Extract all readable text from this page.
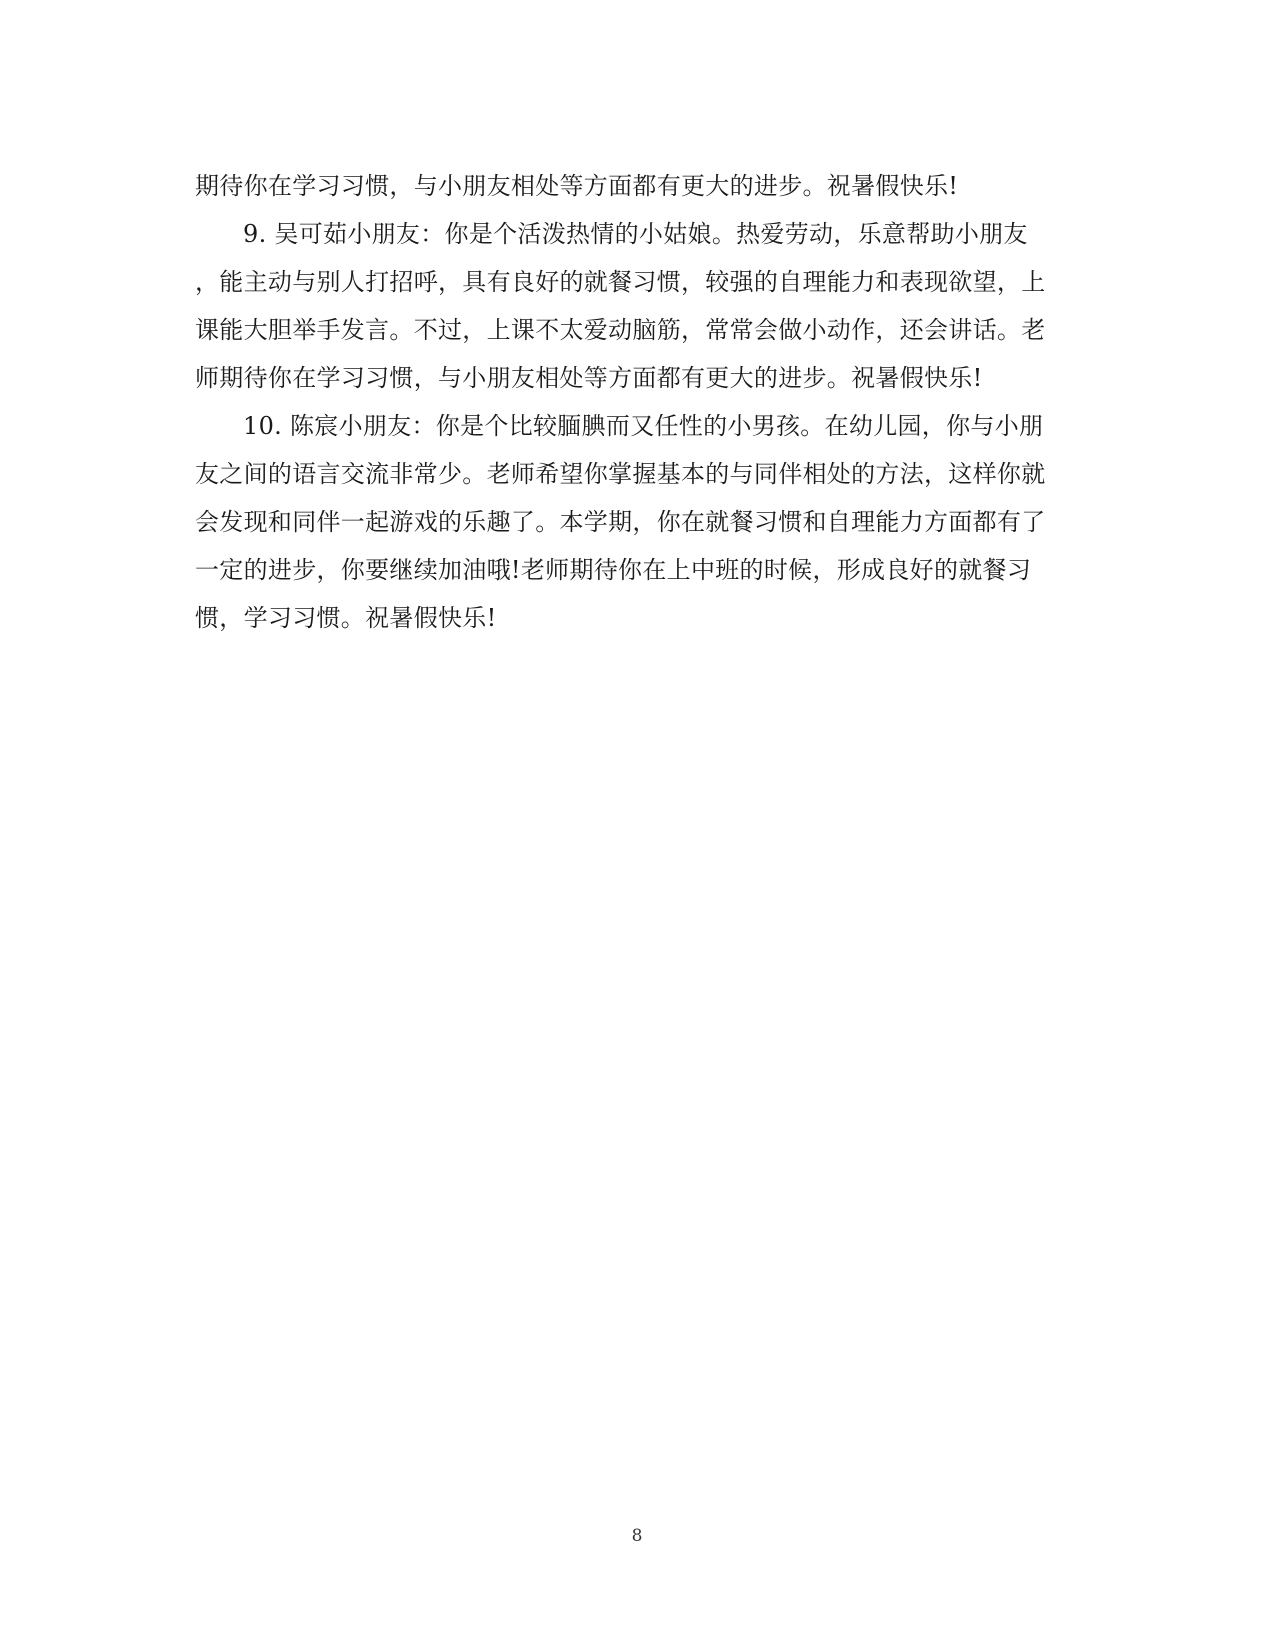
期待你在学习习惯，与小朋友相处等方面都有更大的进步。祝暑假快乐!
9. 吴可茹小朋友：你是个活泼热情的小姑娘。热爱劳动，乐意帮助小朋友
，能主动与别人打招呼，具有良好的就餐习惯，较强的自理能力和表现欲望，上
课能大胆举手发言。不过，上课不太爱动脑筋，常常会做小动作，还会讲话。老
师期待你在学习习惯，与小朋友相处等方面都有更大的进步。祝暑假快乐!
10. 陈宸小朋友：你是个比较腼腆而又任性的小男孩。在幼儿园，你与小朋
友之间的语言交流非常少。老师希望你掌握基本的与同伴相处的方法，这样你就
会发现和同伴一起游戏的乐趣了。本学期，你在就餐习惯和自理能力方面都有了
一定的进步，你要继续加油哦!老师期待你在上中班的时候，形成良好的就餐习
惯，学习习惯。祝暑假快乐!
8
